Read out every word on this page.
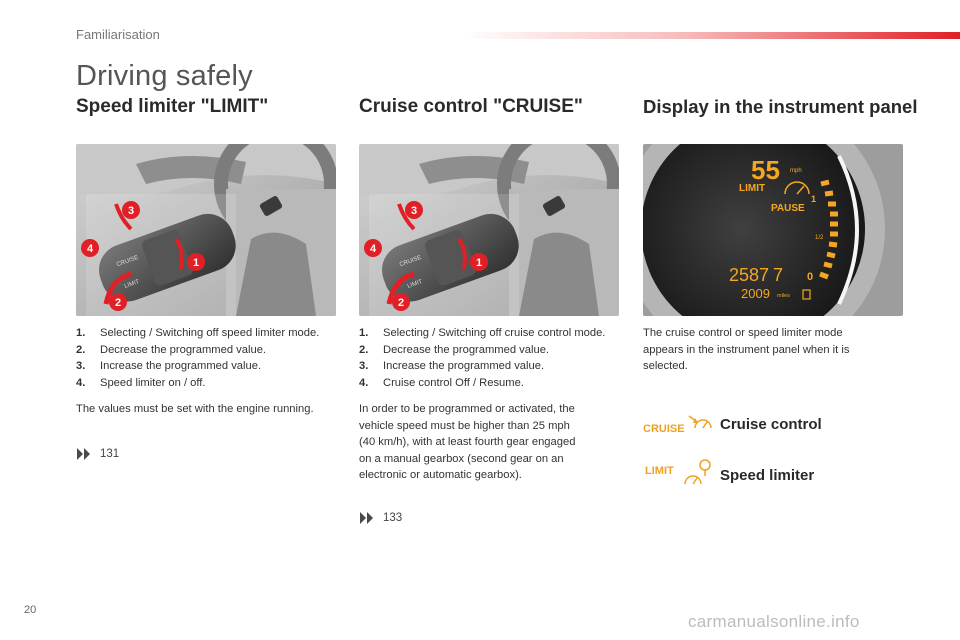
Familiarisation
Driving safely
Speed limiter "LIMIT"	Cruise control "CRUISE"	Display in the instrument panel
CRUISE
LIMIT
3
4
1
2
CRUISE
LIMIT
3
4
1
2
55 mph
LIMIT
PAUSE
1
1/2
0
2587 7
2009 miles
1. Selecting / Switching off speed limiter mode.
2. Decrease the programmed value.
3. Increase the programmed value.
4. Speed limiter on / off.
The values must be set with the engine running.
131
1. Selecting / Switching off cruise control mode.
2. Decrease the programmed value.
3. Increase the programmed value.
4. Cruise control Off / Resume.
In order to be programmed or activated, the
vehicle speed must be higher than 25 mph
(40 km/h), with at least fourth gear engaged
on a manual gearbox (second gear on an
electronic or automatic gearbox).
133
The cruise control or speed limiter mode
appears in the instrument panel when it is
selected.
CRUISE Cruise control
LIMIT	Speed limiter
20
carmanualsonline.info
